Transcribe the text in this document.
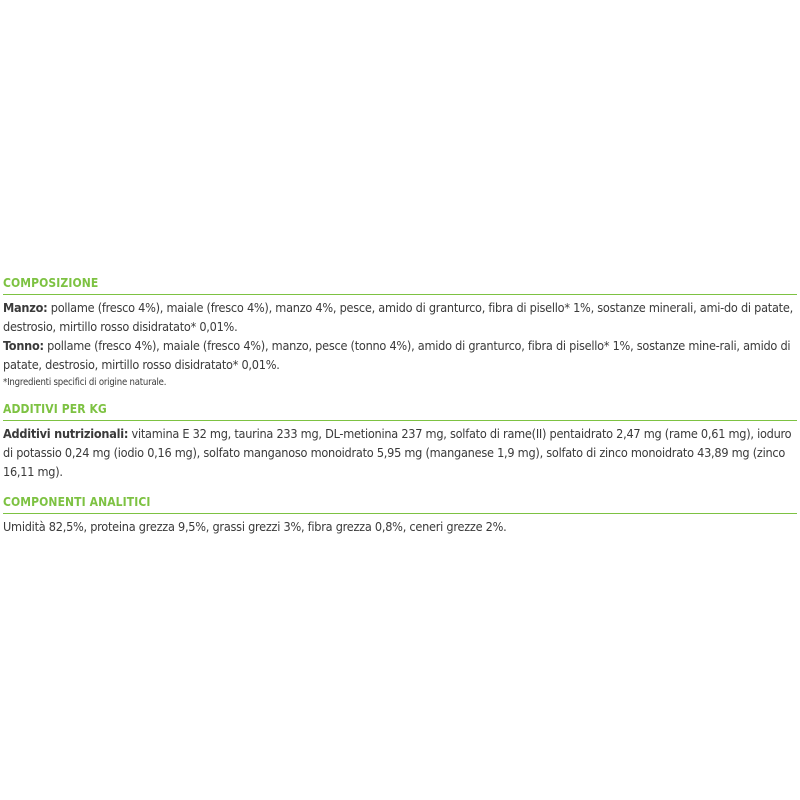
COMPOSIZIONE

Manzo: pollame (fresco 4%), maiale (fresco 4%), manzo 4%, pesce, amido di granturco, fibra di pisello* 1%, sostanze minerali, ami-do di patate, destrosio, mirtillo rosso disidratato* 0,01%.

Tonno: pollame (fresco 4%), maiale (fresco 4%), manzo, pesce (tonno 4%), amido di granturco, fibra di pisello* 1%, sostanze mine-rali, amido di patate, destrosio, mirtillo rosso disidratato* 0,01%.

*Ingredienti specifici di origine naturale.

ADDITIVI PER KG

Additivi nutrizionali: vitamina E 32 mg, taurina 233 mg, DL-metionina 237 mg, solfato di rame(II) pentaidrato 2,47 mg (rame 0,61 mg), ioduro di potassio 0,24 mg (iodio 0,16 mg), solfato manganoso monoidrato 5,95 mg (manganese 1,9 mg), solfato di zinco monoidrato 43,89 mg (zinco 16,11 mg).

COMPONENTI ANALITICI

Umidità 82,5%, proteina grezza 9,5%, grassi grezzi 3%, fibra grezza 0,8%, ceneri grezze 2%.
